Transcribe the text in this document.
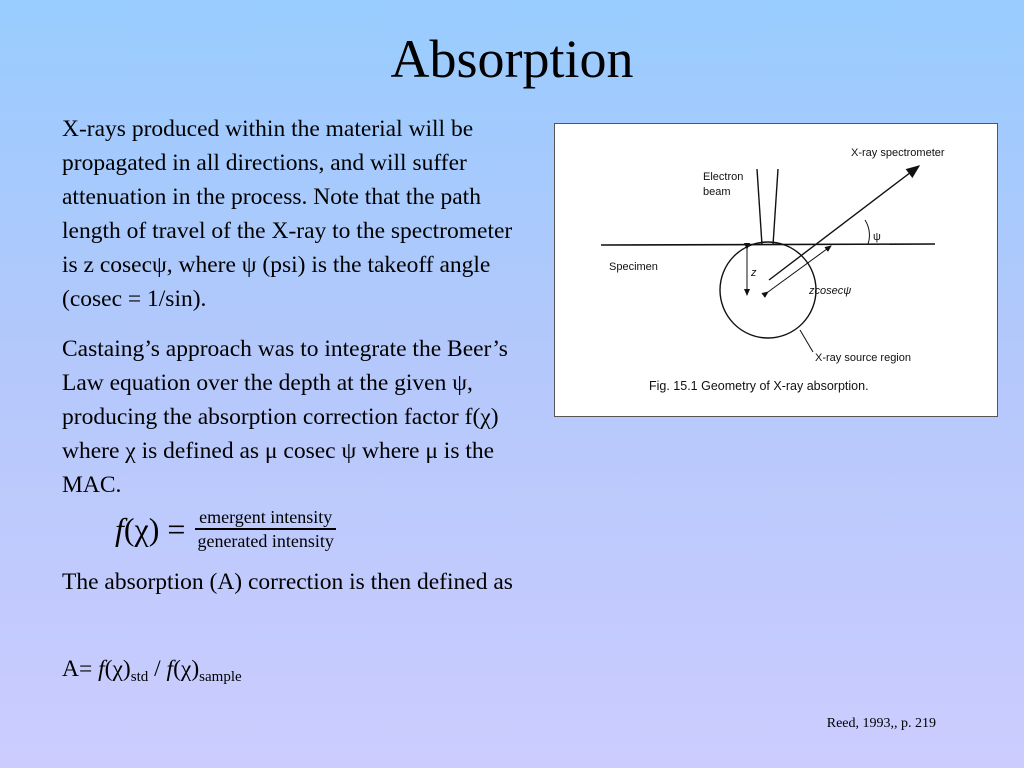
Absorption
X-rays produced within the material will be propagated in all directions, and will suffer attenuation in the process. Note that the path length of travel of the X-ray to the spectrometer is z cosecψ, where ψ (psi) is the takeoff angle (cosec = 1/sin).
Castaing’s approach was to integrate the Beer’s Law equation over the depth at the given ψ, producing the absorption correction factor f(χ) where χ is defined as μ cosec ψ where μ is the MAC.
$f(\chi) = \frac{\text{emergent intensity}}{\text{generated intensity}}$
The absorption (A) correction is then defined as
$A= f(\chi)_{std} / f(\chi)_{sample}$
X-ray spectrometer
Electron
beam
Specimen	z
zcosecψ
ψ
X-ray source region
Fig. 15.1 Geometry of X-ray absorption.
Reed, 1993,, p. 219
